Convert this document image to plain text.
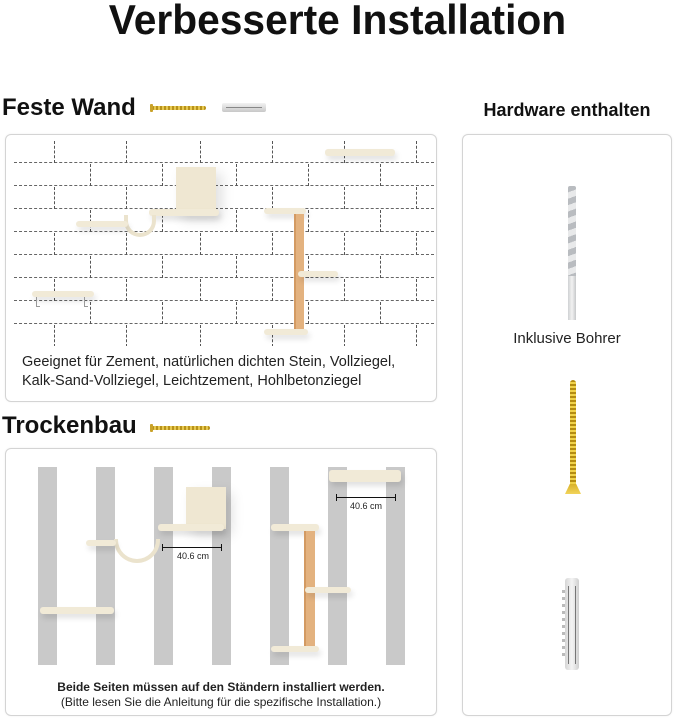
Verbesserte Installation
Feste Wand
Geeignet für Zement, natürlichen dichten Stein, Vollziegel,
Kalk-Sand-Vollziegel, Leichtzement, Hohlbetonziegel
Trockenbau
40.6 cm
40.6 cm
Beide Seiten müssen auf den Ständern installiert werden.
(Bitte lesen Sie die Anleitung für die spezifische Installation.)
Hardware enthalten
Inklusive Bohrer
